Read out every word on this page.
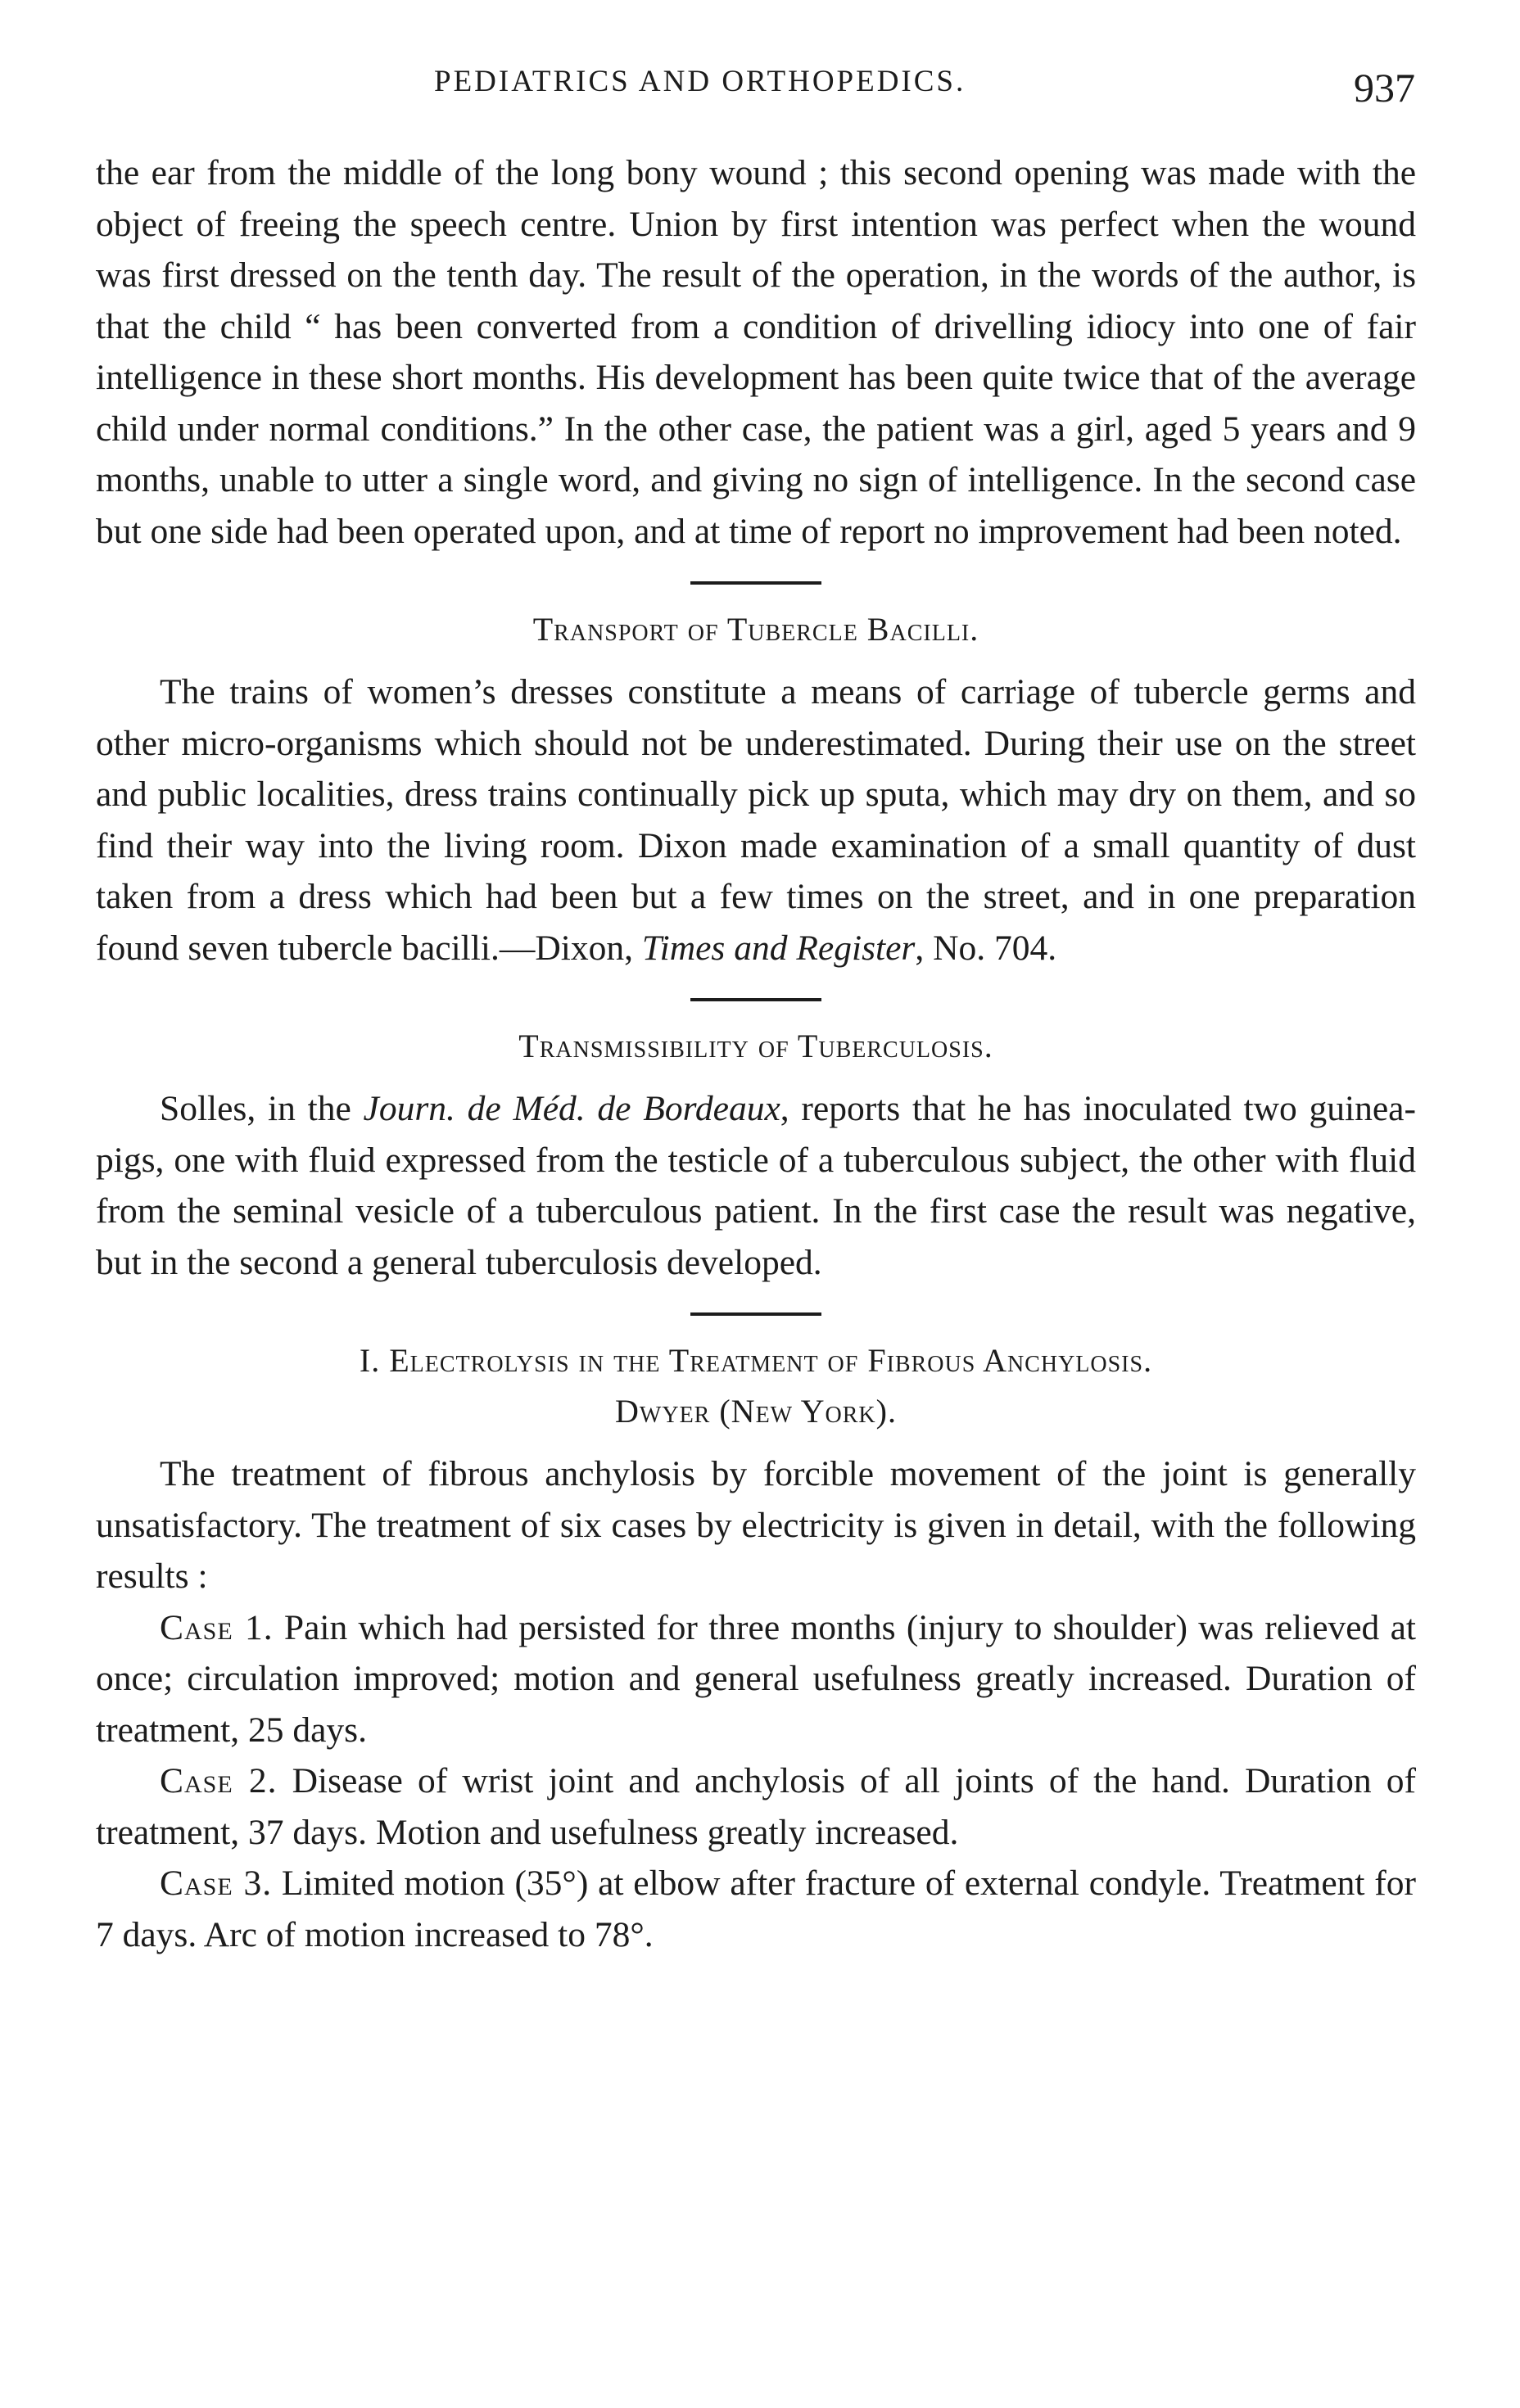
PEDIATRICS AND ORTHOPEDICS.	937

the ear from the middle of the long bony wound ; this second opening was made with the object of freeing the speech centre. Union by first intention was perfect when the wound was first dressed on the tenth day. The result of the operation, in the words of the author, is that the child “ has been converted from a condition of drivelling idiocy into one of fair intelligence in these short months. His development has been quite twice that of the average child under normal conditions.” In the other case, the patient was a girl, aged 5 years and 9 months, unable to utter a single word, and giving no sign of intelligence. In the second case but one side had been operated upon, and at time of report no improvement had been noted.

Transport of Tubercle Bacilli.

The trains of women’s dresses constitute a means of carriage of tubercle germs and other micro-organisms which should not be underestimated. During their use on the street and public localities, dress trains continually pick up sputa, which may dry on them, and so find their way into the living room. Dixon made examination of a small quantity of dust taken from a dress which had been but a few times on the street, and in one preparation found seven tubercle bacilli.—Dixon, Times and Register, No. 704.

Transmissibility of Tuberculosis.

Solles, in the Journ. de Méd. de Bordeaux, reports that he has inoculated two guinea-pigs, one with fluid expressed from the testicle of a tuberculous subject, the other with fluid from the seminal vesicle of a tuberculous patient. In the first case the result was negative, but in the second a general tuberculosis developed.

I. Electrolysis in the Treatment of Fibrous Anchylosis.
Dwyer (New York).

The treatment of fibrous anchylosis by forcible movement of the joint is generally unsatisfactory. The treatment of six cases by electricity is given in detail, with the following results :

Case 1. Pain which had persisted for three months (injury to shoulder) was relieved at once; circulation improved; motion and general usefulness greatly increased. Duration of treatment, 25 days.

Case 2. Disease of wrist joint and anchylosis of all joints of the hand. Duration of treatment, 37 days. Motion and usefulness greatly increased.

Case 3. Limited motion (35°) at elbow after fracture of external condyle. Treatment for 7 days. Arc of motion increased to 78°.
